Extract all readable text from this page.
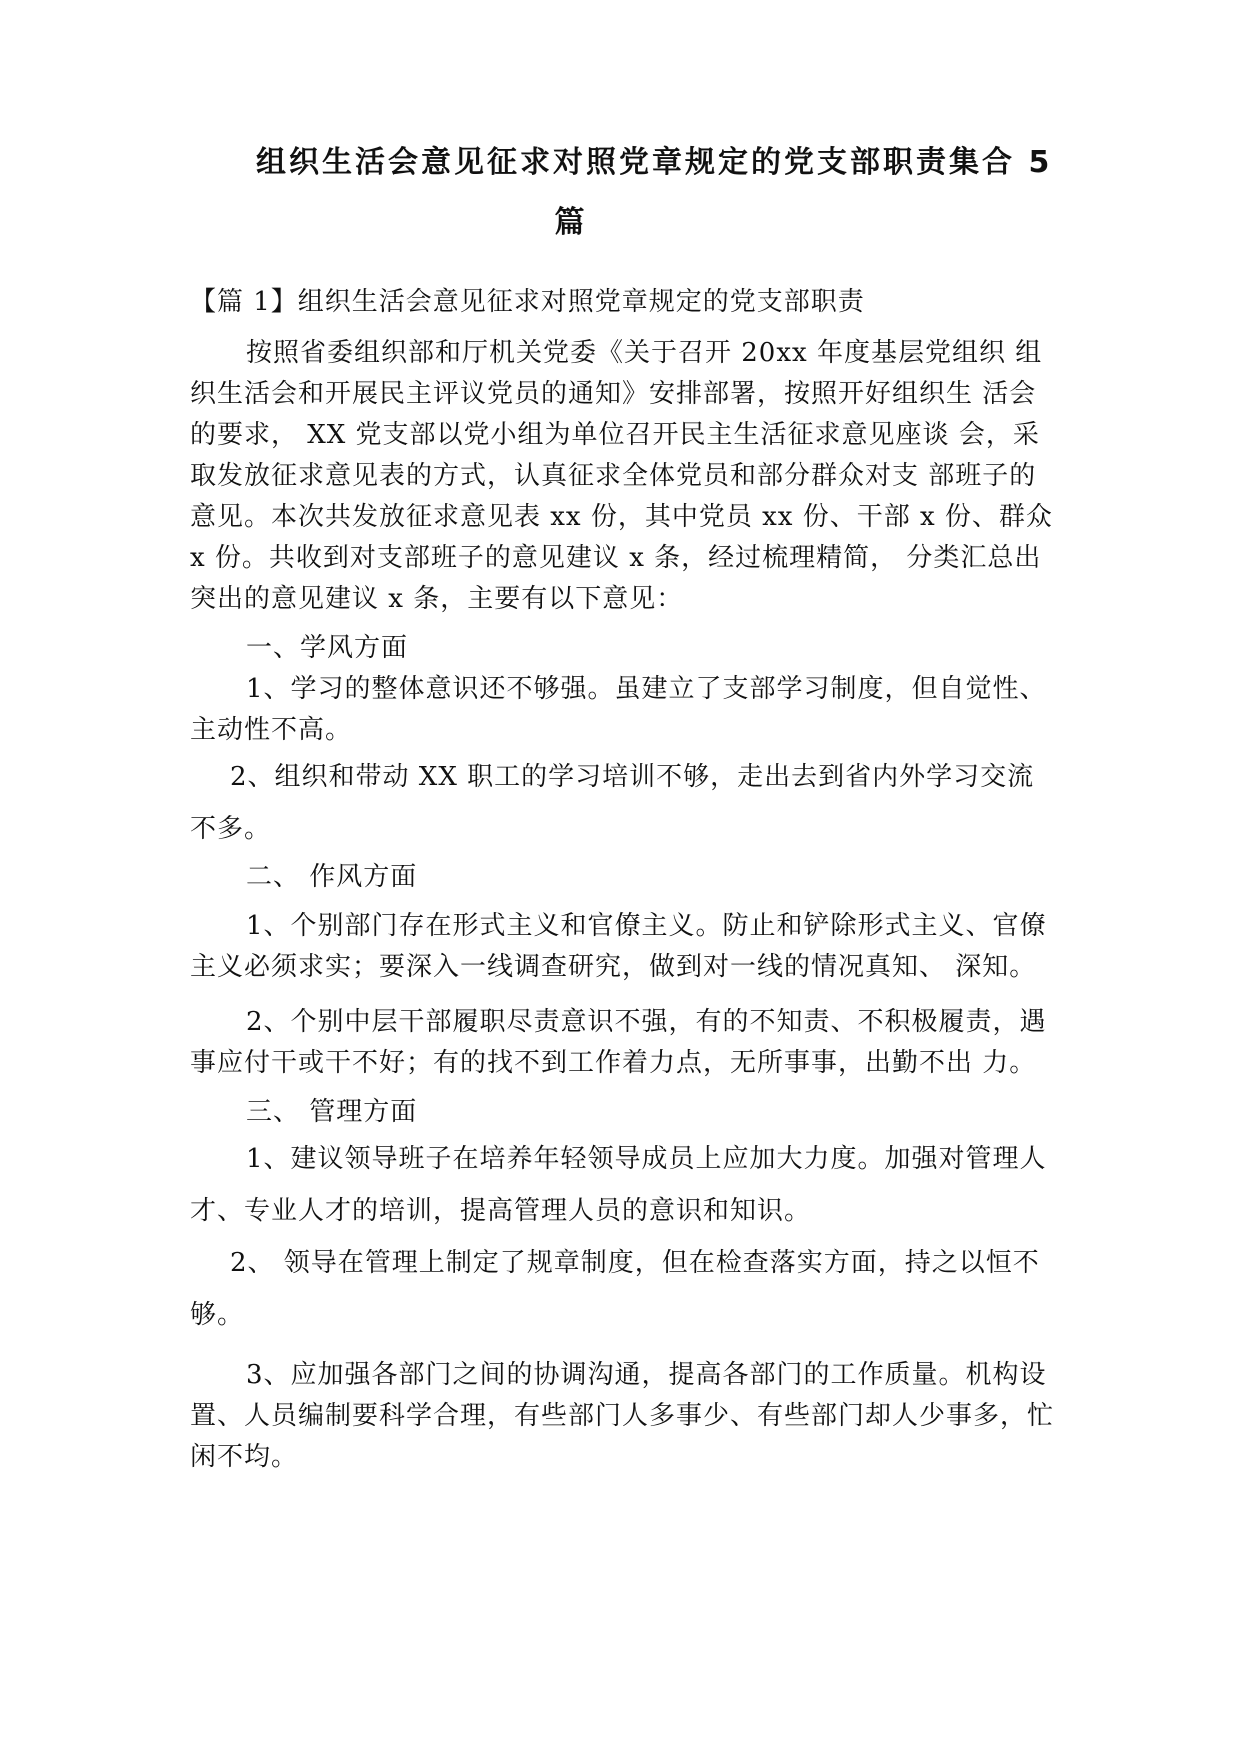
组织生活会意见征求对照党章规定的党支部职责集合 5
篇

【篇 1】组织生活会意见征求对照党章规定的党支部职责

按照省委组织部和厅机关党委《关于召开 20xx 年度基层党组织 组织生活会和开展民主评议党员的通知》安排部署，按照开好组织生 活会的要求， XX 党支部以党小组为单位召开民主生活征求意见座谈 会，采取发放征求意见表的方式，认真征求全体党员和部分群众对支 部班子的意见。本次共发放征求意见表 xx 份，其中党员 xx 份、干部 x 份、群众 x 份。共收到对支部班子的意见建议 x 条，经过梳理精简， 分类汇总出突出的意见建议 x 条，主要有以下意见：

一、学风方面

1、学习的整体意识还不够强。虽建立了支部学习制度，但自觉性、主动性不高。

2、组织和带动 XX 职工的学习培训不够，走出去到省内外学习交流不多。

二、 作风方面

1、个别部门存在形式主义和官僚主义。防止和铲除形式主义、官僚主义必须求实；要深入一线调查研究，做到对一线的情况真知、 深知。

2、个别中层干部履职尽责意识不强，有的不知责、不积极履责，遇事应付干或干不好；有的找不到工作着力点，无所事事，出勤不出 力。

三、 管理方面

1、建议领导班子在培养年轻领导成员上应加大力度。加强对管理人才、专业人才的培训，提高管理人员的意识和知识。

2、 领导在管理上制定了规章制度，但在检查落实方面，持之以恒不够。

3、应加强各部门之间的协调沟通，提高各部门的工作质量。机构设置、人员编制要科学合理，有些部门人多事少、有些部门却人少事多，忙闲不均。
